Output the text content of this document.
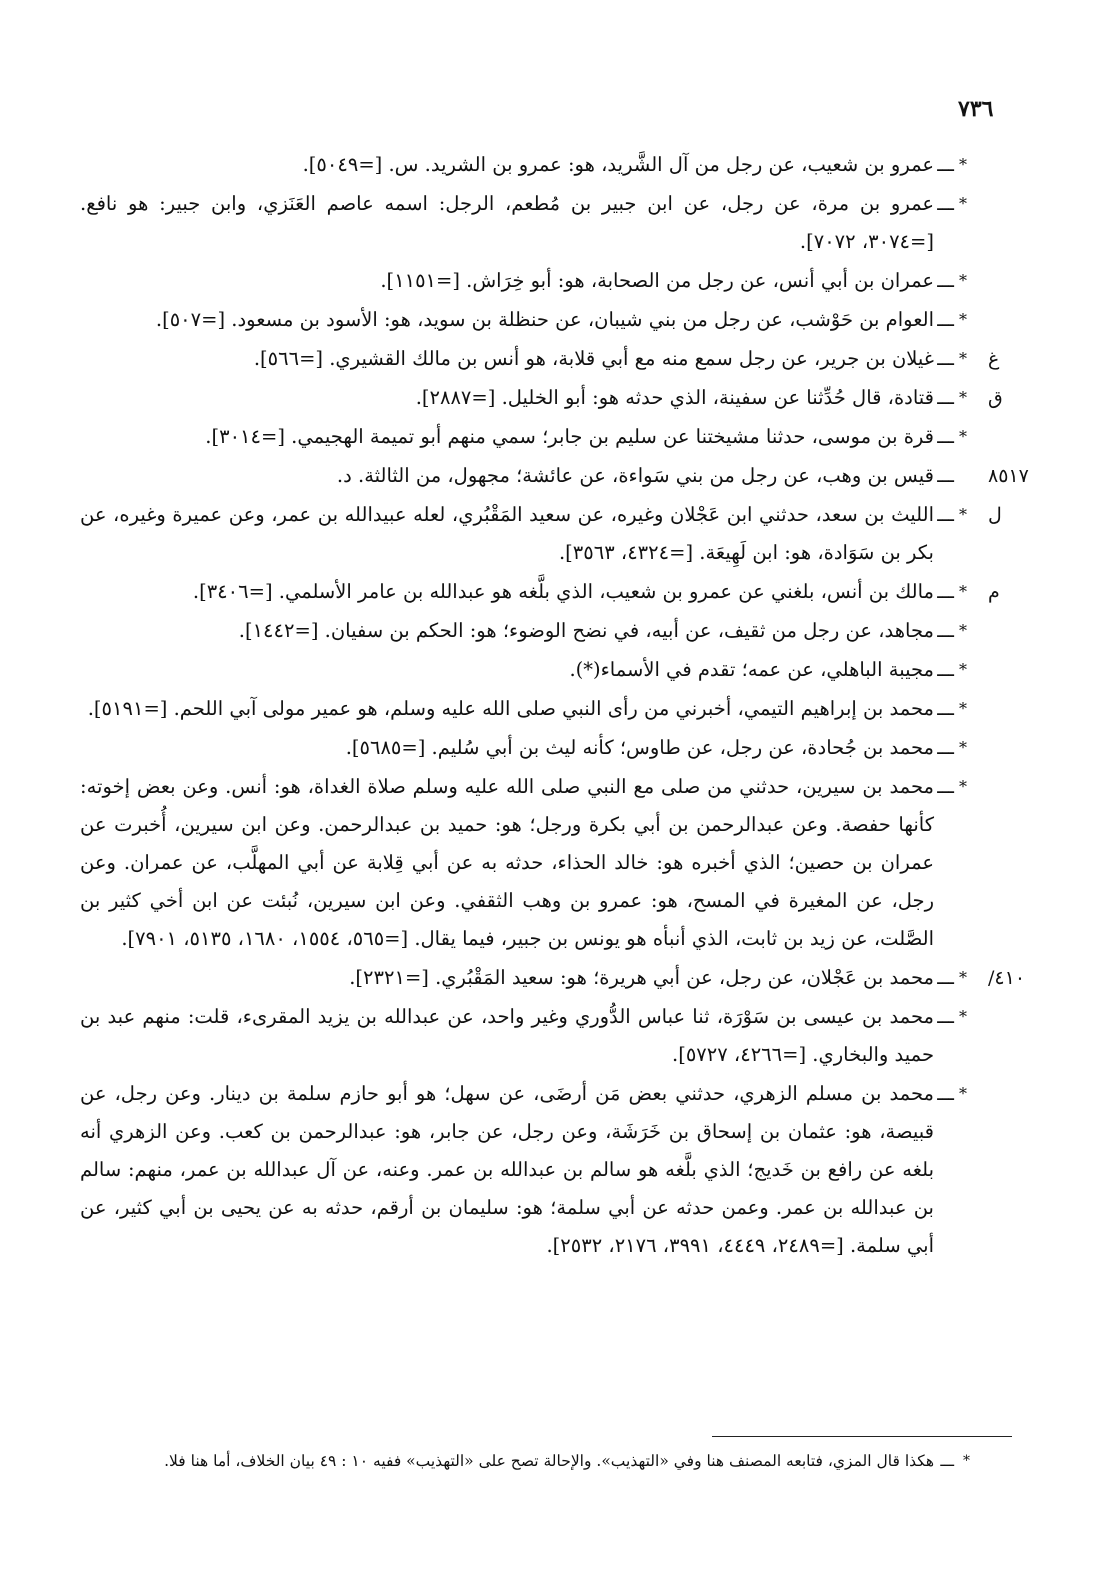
٧٣٦
*
ـــ
عمرو بن شعيب، عن رجل من آل الشَّريد، هو: عمرو بن الشريد. س. [=٥٠٤٩].
*
ـــ
عمرو بن مرة، عن رجل، عن ابن جبير بن مُطعم، الرجل: اسمه عاصم العَنَزي، وابن جبير: هو نافع. [=٣٠٧٤، ٧٠٧٢].
*
ـــ
عمران بن أبي أنس، عن رجل من الصحابة، هو: أبو خِرَاش. [=١١٥١].
*
ـــ
العوام بن حَوْشب، عن رجل من بني شيبان، عن حنظلة بن سويد، هو: الأسود بن مسعود. [=٥٠٧].
غ
*
ـــ
غيلان بن جرير، عن رجل سمع منه مع أبي قلابة، هو أنس بن مالك القشيري. [=٥٦٦].
ق
*
ـــ
قتادة، قال حُدِّثنا عن سفينة، الذي حدثه هو: أبو الخليل. [=٢٨٨٧].
*
ـــ
قرة بن موسى، حدثنا مشيختنا عن سليم بن جابر؛ سمي منهم أبو تميمة الهجيمي. [=٣٠١٤].
٨٥١٧
ـــ
قيس بن وهب، عن رجل من بني سَواءة، عن عائشة؛ مجهول، من الثالثة. د.
ل
*
ـــ
الليث بن سعد، حدثني ابن عَجْلان وغيره، عن سعيد المَقْبُري، لعله عبيدالله بن عمر، وعن عميرة وغيره، عن بكر بن سَوَادة، هو: ابن لَهِيعَة. [=٤٣٢٤، ٣٥٦٣].
م
*
ـــ
مالك بن أنس، بلغني عن عمرو بن شعيب، الذي بلَّغه هو عبدالله بن عامر الأسلمي. [=٣٤٠٦].
*
ـــ
مجاهد، عن رجل من ثقيف، عن أبيه، في نضح الوضوء؛ هو: الحكم بن سفيان. [=١٤٤٢].
*
ـــ
مجيبة الباهلي، عن عمه؛ تقدم في الأسماء(*).
*
ـــ
محمد بن إبراهيم التيمي، أخبرني من رأى النبي صلى الله عليه وسلم، هو عمير مولى آبي اللحم. [=٥١٩١].
*
ـــ
محمد بن جُحادة، عن رجل، عن طاوس؛ كأنه ليث بن أبي سُليم. [=٥٦٨٥].
*
ـــ
محمد بن سيرين، حدثني من صلى مع النبي صلى الله عليه وسلم صلاة الغداة، هو: أنس. وعن بعض إخوته: كأنها حفصة. وعن عبدالرحمن بن أبي بكرة ورجل؛ هو: حميد بن عبدالرحمن. وعن ابن سيرين، أُخبرت عن عمران بن حصين؛ الذي أخبره هو: خالد الحذاء، حدثه به عن أبي قِلابة عن أبي المهلَّب، عن عمران. وعن رجل، عن المغيرة في المسح، هو: عمرو بن وهب الثقفي. وعن ابن سيرين، نُبئت عن ابن أخي كثير بن الصَّلت، عن زيد بن ثابت، الذي أنبأه هو يونس بن جبير، فيما يقال. [=٥٦٥، ١٥٥٤، ١٦٨٠، ٥١٣٥، ٧٩٠١].
٤١٠/
*
ـــ
محمد بن عَجْلان، عن رجل، عن أبي هريرة؛ هو: سعيد المَقْبُري. [=٢٣٢١].
*
ـــ
محمد بن عيسى بن سَوْرَة، ثنا عباس الدُّوري وغير واحد، عن عبدالله بن يزيد المقرىء، قلت: منهم عبد بن حميد والبخاري. [=٤٢٦٦، ٥٧٢٧].
*
ـــ
محمد بن مسلم الزهري، حدثني بعض مَن أرضَى، عن سهل؛ هو أبو حازم سلمة بن دينار. وعن رجل، عن قبيصة، هو: عثمان بن إسحاق بن خَرَشَة، وعن رجل، عن جابر، هو: عبدالرحمن بن كعب. وعن الزهري أنه بلغه عن رافع بن خَديج؛ الذي بلَّغه هو سالم بن عبدالله بن عمر. وعنه، عن آل عبدالله بن عمر، منهم: سالم بن عبدالله بن عمر. وعمن حدثه عن أبي سلمة؛ هو: سليمان بن أرقم، حدثه به عن يحيى بن أبي كثير، عن أبي سلمة. [=٢٤٨٩، ٤٤٤٩، ٣٩٩١، ٢١٧٦، ٢٥٣٢].
*
ـــ
هكذا قال المزي، فتابعه المصنف هنا وفي «التهذيب». والإحالة تصح على «التهذيب» ففيه ١٠ : ٤٩ بيان الخلاف، أما هنا فلا.
